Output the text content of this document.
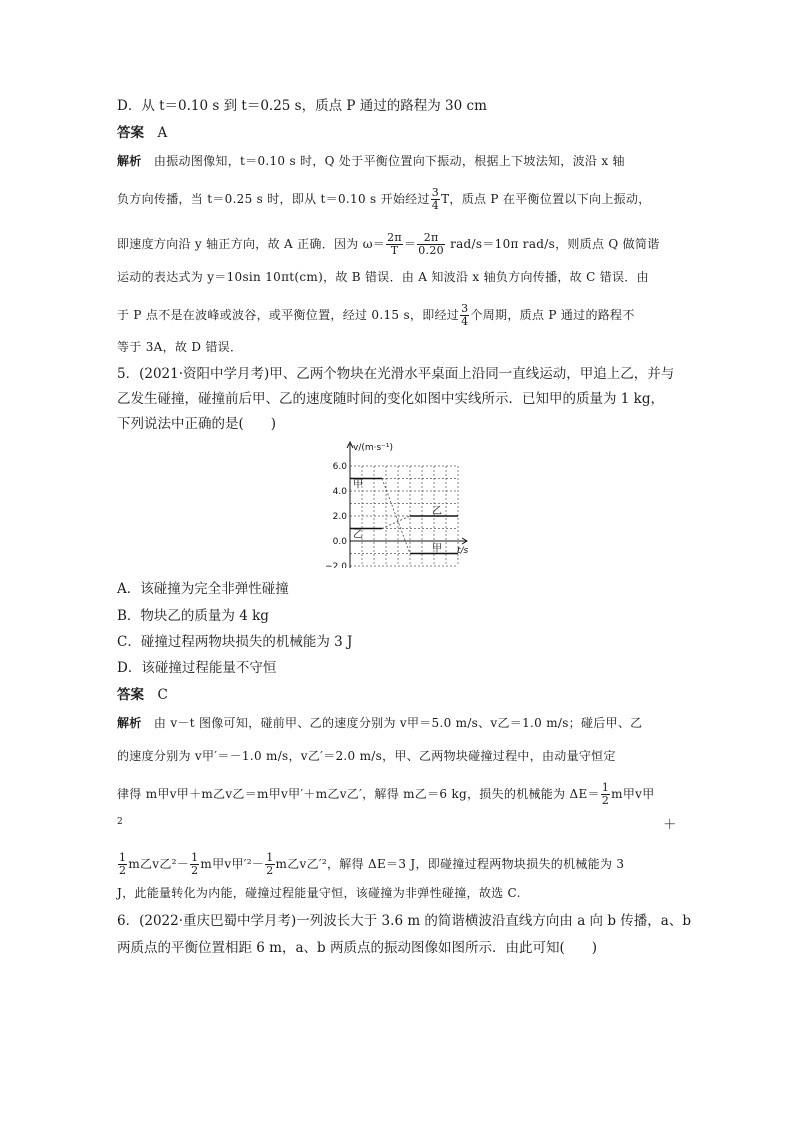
D．从 t＝0.10 s 到 t＝0.25 s，质点 P 通过的路程为 30 cm
答案　 A
解析　 由振动图像知，t＝0.10 s 时，Q 处于平衡位置向下振动，根据上下坡法知，波沿 x 轴
负方向传播，当 t＝0.25 s 时，即从 t＝0.10 s 开始经过 $\frac{3}{4}$ T，质点 P 在平衡位置以下向上振动，
即速度方向沿 y 轴正方向，故 A 正确．因为 $\omega= \frac{2\pi}{T} = \frac{2\pi}{0.20} rad/s=10\pi$ rad/s，则质点 Q 做简谐
运动的表达式为 y＝10sin 10πt(cm)，故 B 错误．由 A 知波沿 x 轴负方向传播，故 C 错误．由
于 P 点不是在波峰或波谷，或平衡位置，经过 0.15 s，即经过 $\frac{3}{4}$ 个周期，质点 P 通过的路程不
等于 3A，故 D 错误．
5．(2021·资阳中学月考)甲、乙两个物块在光滑水平桌面上沿同一直线运动，甲追上乙，并与
乙发生碰撞，碰撞前后甲、乙的速度随时间的变化如图中实线所示．已知甲的质量为 1 kg，
下列说法中正确的是(　　)
v/(m·s⁻¹)
t/s
6.0
4.0
2.0
0.0
−2.0
甲
甲
乙
乙
A．该碰撞为完全非弹性碰撞
B．物块乙的质量为 4 kg
C．碰撞过程两物块损失的机械能为 3 J
D．该碰撞过程能量不守恒
答案　 C
解析　 由 v－t 图像可知，碰前甲、乙的速度分别为 v甲＝5.0 m/s、v乙＝1.0 m/s；碰后甲、乙
的速度分别为 v甲′＝－1.0 m/s，v乙′＝2.0 m/s，甲、乙两物块碰撞过程中，由动量守恒定
律得 m甲v甲＋m乙v乙＝m甲v甲′＋m乙v乙′，解得 m乙＝6 kg，损失的机械能为 $\Delta E= \frac{1}{2}$ m甲v甲
2	＋
$\frac{1}{2}$ m乙v乙$^2- \frac{1}{2}$ m甲v甲$'^2- \frac{1}{2}$ m乙v乙′²，解得 ΔE＝3 J，即碰撞过程两物块损失的机械能为 3
J，此能量转化为内能，碰撞过程能量守恒，该碰撞为非弹性碰撞，故选 C.
6．(2022·重庆巴蜀中学月考)一列波长大于 3.6 m 的简谐横波沿直线方向由 a 向 b 传播，a、b
两质点的平衡位置相距 6 m，a、b 两质点的振动图像如图所示．由此可知(　　)
